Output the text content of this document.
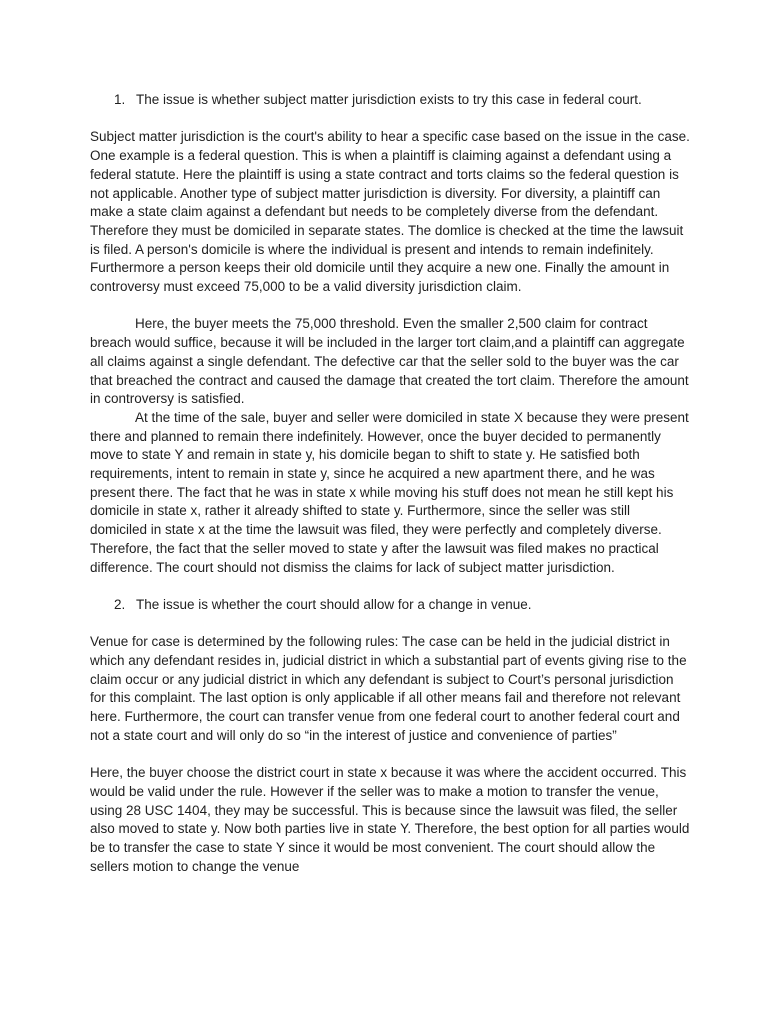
1. The issue is whether subject matter jurisdiction exists to try this case in federal court.

Subject matter jurisdiction is the court's ability to hear a specific case based on the issue in the case. One example is a federal question. This is when a plaintiff is claiming against a defendant using a federal statute. Here the plaintiff is using a state contract and torts claims so the federal question is not applicable. Another type of subject matter jurisdiction is diversity. For diversity, a plaintiff can make a state claim against a defendant but needs to be completely diverse from the defendant. Therefore they must be domiciled in separate states. The domlice is checked at the time the lawsuit is filed. A person's domicile is where the individual is present and intends to remain indefinitely. Furthermore a person keeps their old domicile until they acquire a new one. Finally the amount in controversy must exceed 75,000 to be a valid diversity jurisdiction claim.

Here, the buyer meets the 75,000 threshold. Even the smaller 2,500 claim for contract breach would suffice, because it will be included in the larger tort claim,and a plaintiff can aggregate all claims against a single defendant. The defective car that the seller sold to the buyer was the car that breached the contract and caused the damage that created the tort claim. Therefore the amount in controversy is satisfied.

At the time of the sale, buyer and seller were domiciled in state X because they were present there and planned to remain there indefinitely. However, once the buyer decided to permanently move to state Y and remain in state y, his domicile began to shift to state y. He satisfied both requirements, intent to remain in state y, since he acquired a new apartment there, and he was present there. The fact that he was in state x while moving his stuff does not mean he still kept his domicile in state x, rather it already shifted to state y. Furthermore, since the seller was still domiciled in state x at the time the lawsuit was filed, they were perfectly and completely diverse. Therefore, the fact that the seller moved to state y after the lawsuit was filed makes no practical difference. The court should not dismiss the claims for lack of subject matter jurisdiction.

2. The issue is whether the court should allow for a change in venue.

Venue for case is determined by the following rules: The case can be held in the judicial district in which any defendant resides in, judicial district in which a substantial part of events giving rise to the claim occur or any judicial district in which any defendant is subject to Court’s personal jurisdiction for this complaint. The last option is only applicable if all other means fail and therefore not relevant here. Furthermore, the court can transfer venue from one federal court to another federal court and not a state court and will only do so “in the interest of justice and convenience of parties”

Here, the buyer choose the district court in state x because it was where the accident occurred. This would be valid under the rule. However if the seller was to make a motion to transfer the venue, using 28 USC 1404, they may be successful. This is because since the lawsuit was filed, the seller also moved to state y. Now both parties live in state Y. Therefore, the best option for all parties would be to transfer the case to state Y since it would be most convenient. The court should allow the sellers motion to change the venue
